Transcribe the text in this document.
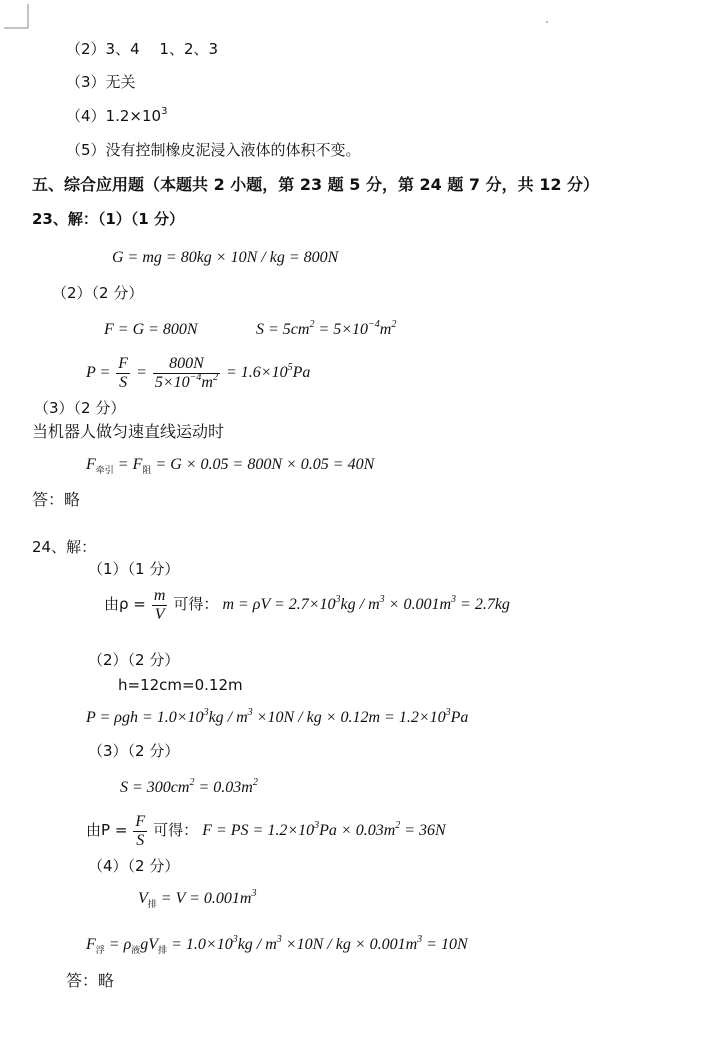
（2）3、4　 1、2、3
（3）无关
$(4)1.2\times 10^3$
（5）没有控制橡皮泥浸入液体的体积不变。
五、综合应用题（本题共 2 小题，第 23 题 5 分，第 24 题 7 分，共 12 分）
23、解：（1）（1 分）
G = mg = 80kg × 10N / kg = 800N
（2）（2 分）
F = G = 800N	$S = 5cm^2 = 5\times 10^{-4}m^2$
$P = \frac{F}{S} = \frac{800N}{5\times 10^{-4}m^2} = 1.6\times 10^5Pa$
（3）（2 分）
当机器人做匀速直线运动时
$F_{牵引} = F_阻 = G \times 0.05 = 800N \times 0.05 = 40N$
答：略
24、解：
（1）（1 分）
由$\rho = \frac{m}{V}$ 可得： $m = \rho V = 2.7\times 10^3kg / m^3 \times 0.001m^3 = 2.7kg$
（2）（2 分）
h=12cm=0.12m
$P = \rho gh = 1.0\times 10^3kg / m^3 \times 10N$ / kg × $0.12m = 1.2\times 10^3Pa$
（3）（2 分）
$S = 300cm^2 = 0.03m^2$
由$P = \frac{F}{S}$ 可得： F = PS = $1.2\times 10^3Pa \times 0.03m^2 = 36N$
（4）（2 分）
$V_排 = V = 0.001m^3$
$F_浮 = \rho_液gV_排 = 1.0\times 10^3kg / m^3 \times 10N$ / kg × $0.001m^3 = 10N$
答：略
